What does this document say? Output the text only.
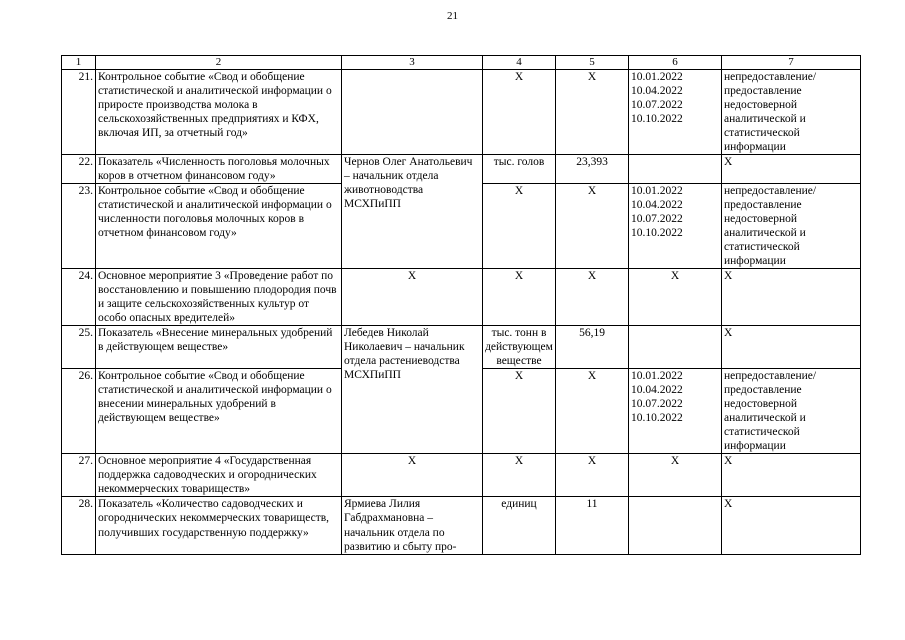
21
1	2	3	4	5	6	7
21.	Контрольное событие «Свод и обобщение статистической и аналитической информации о приросте производства молока в сельскохозяйственных предприятиях и КФХ, включая ИП, за отчетный год»		X	X	10.01.2022
10.04.2022
10.07.2022
10.10.2022	непредоставление/ предоставление недостоверной аналитической и статистической информации
22.	Показатель «Численность поголовья молочных коров в отчетном финансовом году»	Чернов Олег Анатольевич – начальник отдела животноводства МСХПиПП	тыс. голов	23,393		X
23.	Контрольное событие «Свод и обобщение статистической и аналитической информации о численности поголовья молочных коров в отчетном финансовом году»		X	X	10.01.2022
10.04.2022
10.07.2022
10.10.2022	непредоставление/ предоставление недостоверной аналитической и статистической информации
24.	Основное мероприятие 3 «Проведение работ по восстановлению и повышению плодородия почв и защите сельскохозяйственных культур от особо опасных вредителей»	X	X	X	X	X
25.	Показатель «Внесение минеральных удобрений в действующем веществе»	Лебедев Николай Николаевич – начальник отдела растениеводства МСХПиПП	тыс. тонн в действующем веществе	56,19		X
26.	Контрольное событие «Свод и обобщение статистической и аналитической информации о внесении минеральных удобрений в действующем веществе»		X	X	10.01.2022
10.04.2022
10.07.2022
10.10.2022	непредоставление/ предоставление недостоверной аналитической и статистической информации
27.	Основное мероприятие 4 «Государственная поддержка садоводческих и огороднических некоммерческих товариществ»	X	X	X	X	X
28.	Показатель «Количество садоводческих и огороднических некоммерческих товариществ, получивших государственную поддержку»	Ярмиева Лилия Габдрахмановна – начальник отдела по развитию и сбыту про-	единиц	11		X
